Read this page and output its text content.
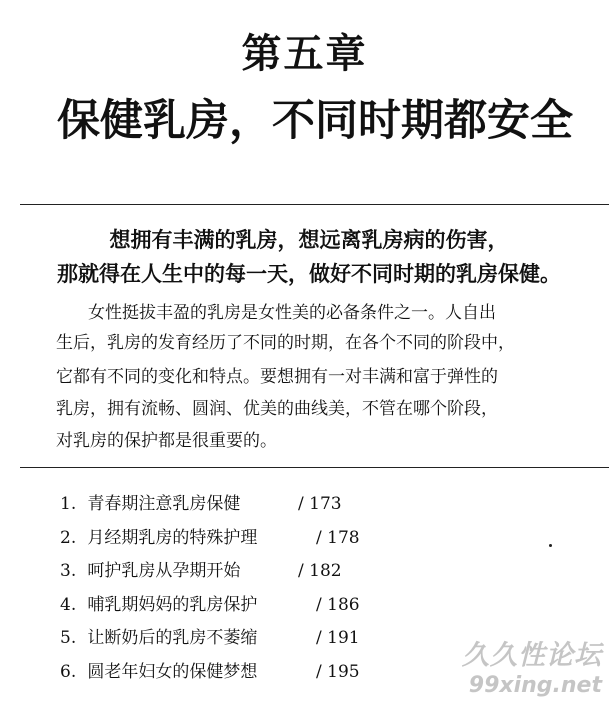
第五章
保健乳房，不同时期都安全
想拥有丰满的乳房，想远离乳房病的伤害，
那就得在人生中的每一天，做好不同时期的乳房保健。
女性挺拔丰盈的乳房是女性美的必备条件之一。人自出
生后，乳房的发育经历了不同的时期，在各个不同的阶段中，
它都有不同的变化和特点。要想拥有一对丰满和富于弹性的
乳房，拥有流畅、圆润、优美的曲线美，不管在哪个阶段，
对乳房的保护都是很重要的。
1. 青春期注意乳房保健	/ 173
2. 月经期乳房的特殊护理	/ 178
3. 呵护乳房从孕期开始	/ 182
4. 哺乳期妈妈的乳房保护	/ 186
5. 让断奶后的乳房不萎缩	/ 191
6. 圆老年妇女的保健梦想	/ 195
久久性论坛
99xing.net
